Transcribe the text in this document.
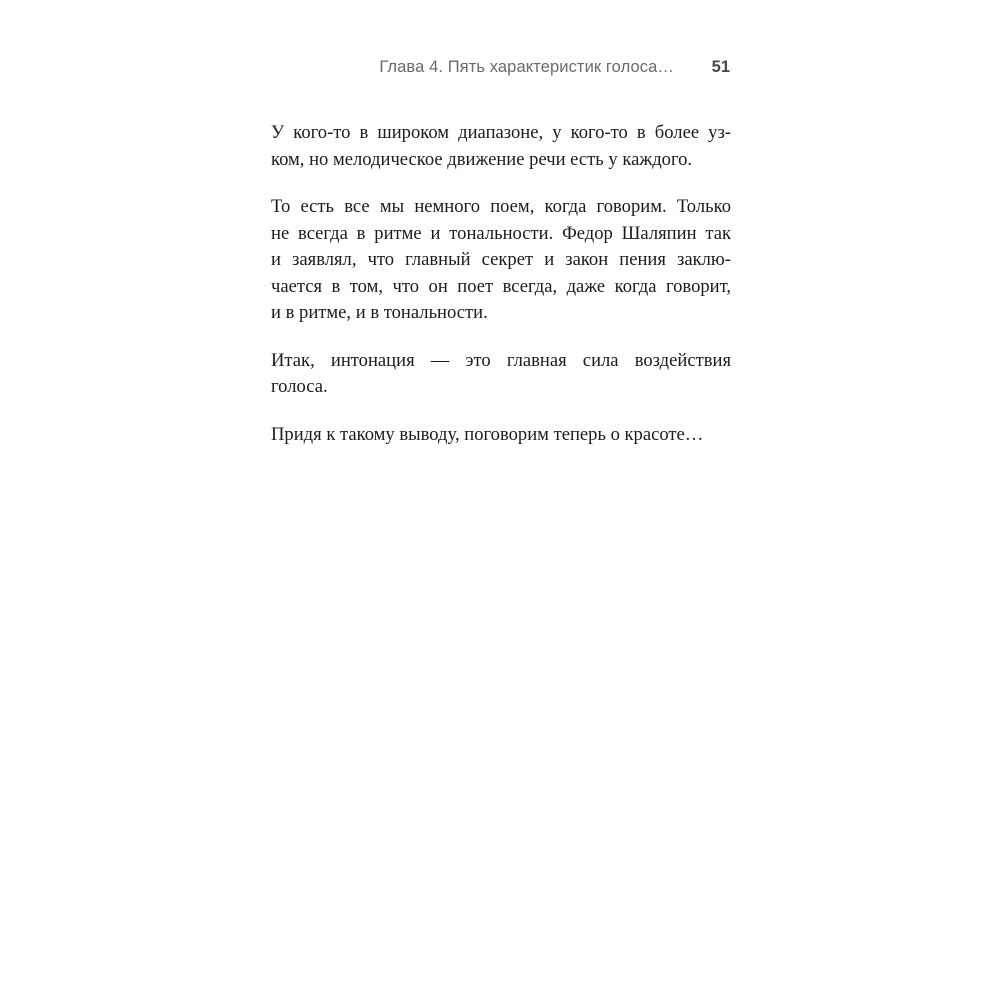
Глава 4. Пять характеристик голоса… 51

У кого-то в широком диапазоне, у кого-то в более уз-
ком, но мелодическое движение речи есть у каждого.

То есть все мы немного поем, когда говорим. Только
не всегда в ритме и тональности. Федор Шаляпин так
и заявлял, что главный секрет и закон пения заклю-
чается в том, что он поет всегда, даже когда говорит,
и в ритме, и в тональности.

Итак, интонация — это главная сила воздействия
голоса.

Придя к такому выводу, поговорим теперь о красоте…
